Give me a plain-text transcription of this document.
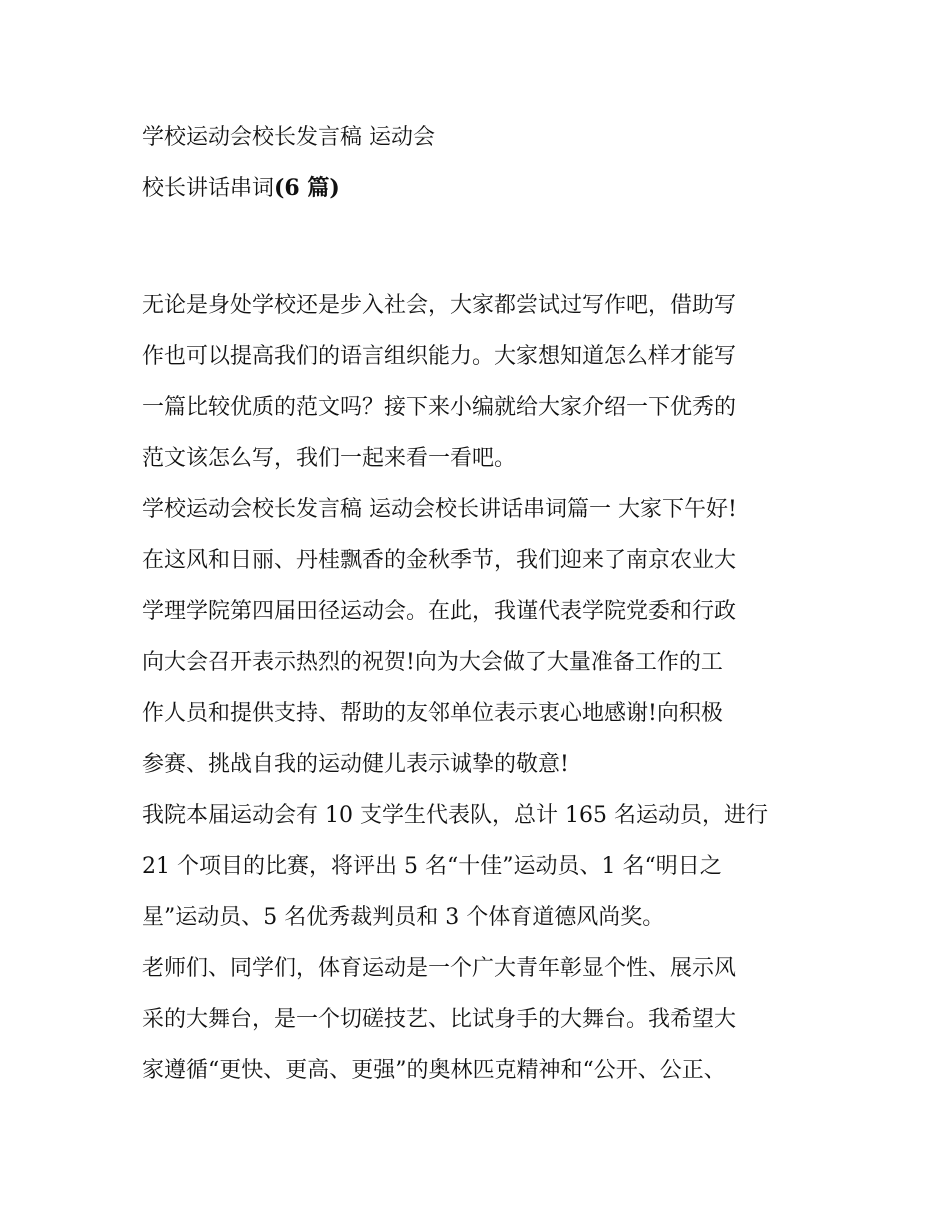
学校运动会校长发言稿 运动会
校长讲话串词(6 篇)
无论是身处学校还是步入社会，大家都尝试过写作吧，借助写
作也可以提高我们的语言组织能力。大家想知道怎么样才能写
一篇比较优质的范文吗？接下来小编就给大家介绍一下优秀的
范文该怎么写，我们一起来看一看吧。
学校运动会校长发言稿 运动会校长讲话串词篇一 大家下午好!
在这风和日丽、丹桂飘香的金秋季节，我们迎来了南京农业大
学理学院第四届田径运动会。在此，我谨代表学院党委和行政
向大会召开表示热烈的祝贺!向为大会做了大量准备工作的工
作人员和提供支持、帮助的友邻单位表示衷心地感谢!向积极
参赛、挑战自我的运动健儿表示诚挚的敬意!
我院本届运动会有 10 支学生代表队，总计 165 名运动员，进行
21 个项目的比赛，将评出 5 名“十佳”运动员、1 名“明日之
星”运动员、5 名优秀裁判员和 3 个体育道德风尚奖。
老师们、同学们，体育运动是一个广大青年彰显个性、展示风
采的大舞台，是一个切磋技艺、比试身手的大舞台。我希望大
家遵循“更快、更高、更强”的奥林匹克精神和“公开、公正、
